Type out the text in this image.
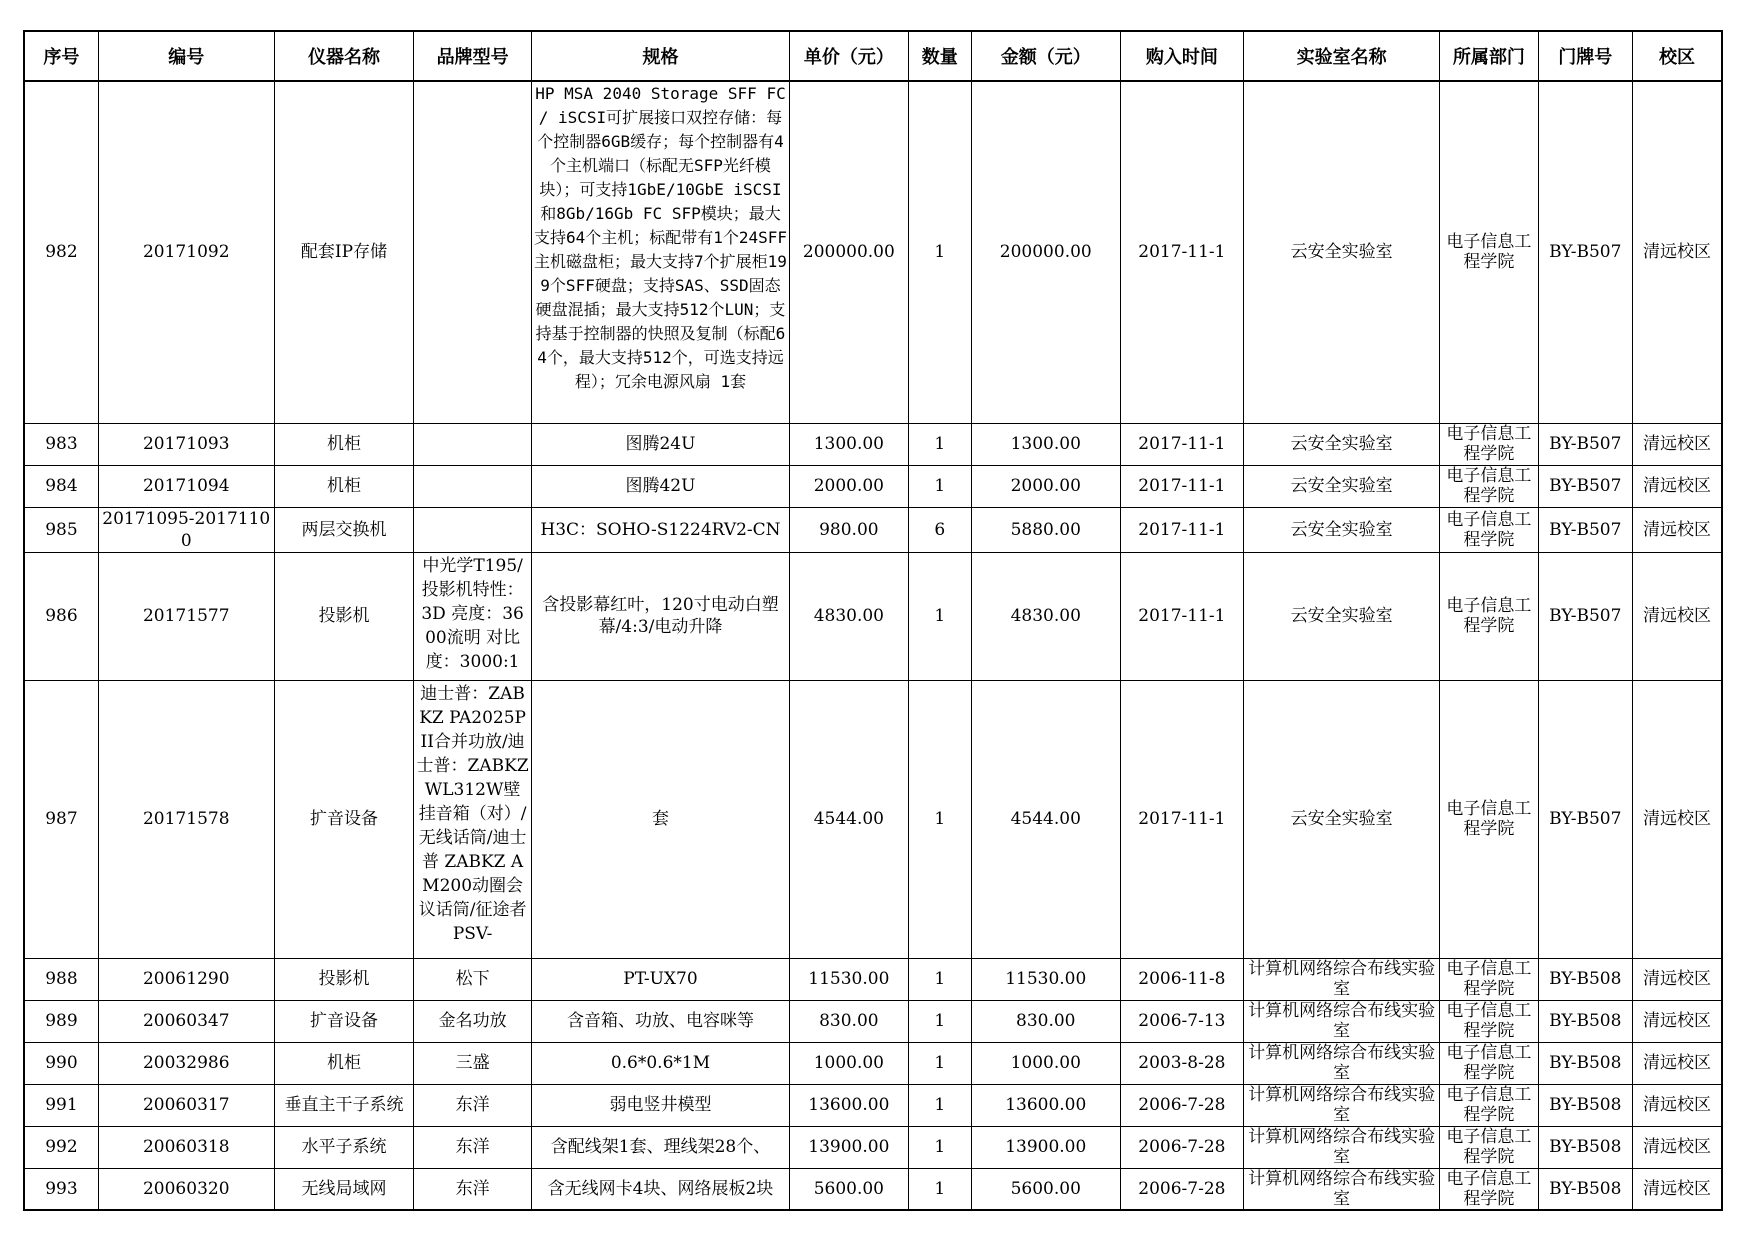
序号	编号	仪器名称	品牌型号	规格	单价（元）	数量	金额（元）	购入时间	实验室名称	所属部门	门牌号	校区
982	20171092	配套IP存储		HP MSA 2040 Storage SFF FC / iSCSI可扩展接口双控存储：每个控制器6GB缓存；每个控制器有4个主机端口（标配无SFP光纤模块）；可支持1GbE/10GbE iSCSI和8Gb/16Gb FC SFP模块；最大支持64个主机；标配带有1个24SFF主机磁盘柜；最大支持7个扩展柜199个SFF硬盘；支持SAS、SSD固态硬盘混插；最大支持512个LUN；支持基于控制器的快照及复制（标配64个，最大支持512个，可选支持远程）；冗余电源风扇 1套	200000.00	1	200000.00	2017-11-1	云安全实验室	电子信息工程学院	BY-B507	清远校区
983	20171093	机柜		图腾24U	1300.00	1	1300.00	2017-11-1	云安全实验室	电子信息工程学院	BY-B507	清远校区
984	20171094	机柜		图腾42U	2000.00	1	2000.00	2017-11-1	云安全实验室	电子信息工程学院	BY-B507	清远校区
985	20171095-20171100	两层交换机		H3C：SOHO-S1224RV2-CN	980.00	6	5880.00	2017-11-1	云安全实验室	电子信息工程学院	BY-B507	清远校区
986	20171577	投影机	中光学T195/投影机特性：3D 亮度：3600流明 对比度：3000:1	含投影幕红叶，120寸电动白塑幕/4:3/电动升降	4830.00	1	4830.00	2017-11-1	云安全实验室	电子信息工程学院	BY-B507	清远校区
987	20171578	扩音设备	迪士普：ZABKZ PA2025PII合并功放/迪士普：ZABKZ WL312W壁挂音箱（对）/无线话筒/迪士普 ZABKZ AM200动圈会议话筒/征途者 PSV-	套	4544.00	1	4544.00	2017-11-1	云安全实验室	电子信息工程学院	BY-B507	清远校区
988	20061290	投影机	松下	PT-UX70	11530.00	1	11530.00	2006-11-8	计算机网络综合布线实验室	电子信息工程学院	BY-B508	清远校区
989	20060347	扩音设备	金名功放	含音箱、功放、电容咪等	830.00	1	830.00	2006-7-13	计算机网络综合布线实验室	电子信息工程学院	BY-B508	清远校区
990	20032986	机柜	三盛	0.6*0.6*1M	1000.00	1	1000.00	2003-8-28	计算机网络综合布线实验室	电子信息工程学院	BY-B508	清远校区
991	20060317	垂直主干子系统	东洋	弱电竖井模型	13600.00	1	13600.00	2006-7-28	计算机网络综合布线实验室	电子信息工程学院	BY-B508	清远校区
992	20060318	水平子系统	东洋	含配线架1套、理线架28个、	13900.00	1	13900.00	2006-7-28	计算机网络综合布线实验室	电子信息工程学院	BY-B508	清远校区
993	20060320	无线局域网	东洋	含无线网卡4块、网络展板2块	5600.00	1	5600.00	2006-7-28	计算机网络综合布线实验室	电子信息工程学院	BY-B508	清远校区
